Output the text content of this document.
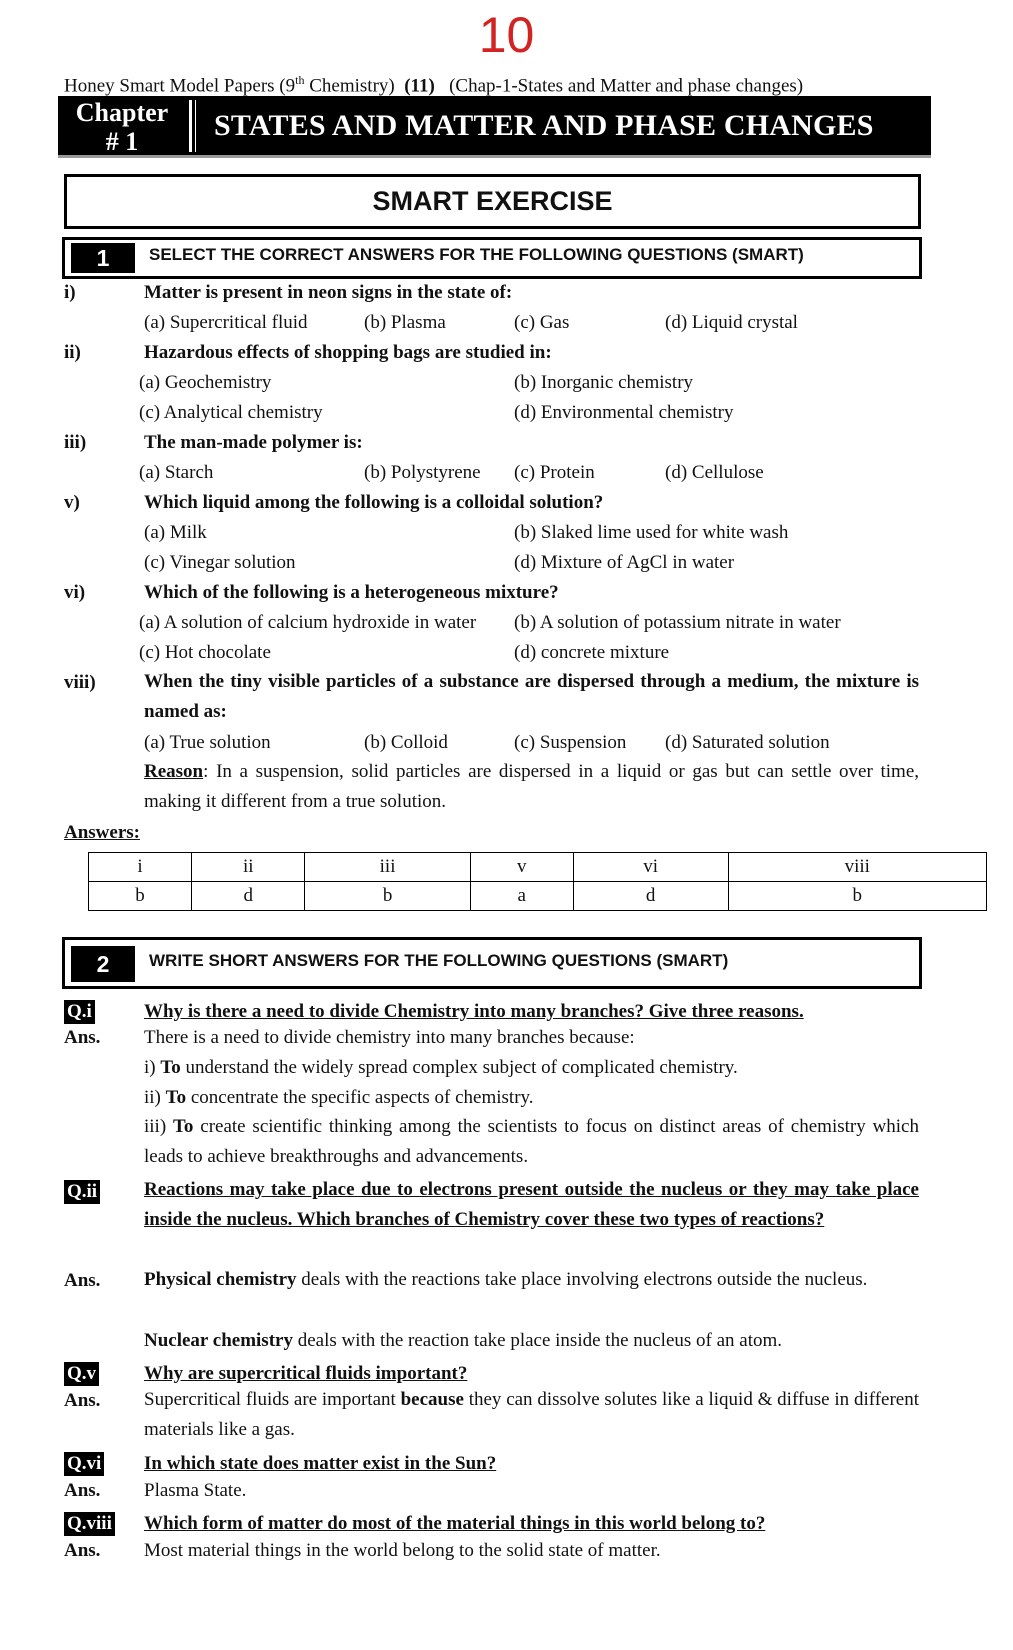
10
Honey Smart Model Papers (9th Chemistry) (11) (Chap-1-States and Matter and phase changes)
Chapter
# 1	STATES AND MATTER AND PHASE CHANGES
SMART EXERCISE
1	SELECT THE CORRECT ANSWERS FOR THE FOLLOWING QUESTIONS (SMART)
i)	Matter is present in neon signs in the state of:
(a) Supercritical fluid	(b) Plasma	(c) Gas	(d) Liquid crystal
ii)	Hazardous effects of shopping bags are studied in:
(a) Geochemistry	(b) Inorganic chemistry
(c) Analytical chemistry	(d) Environmental chemistry
iii)	The man-made polymer is:
(a) Starch	(b) Polystyrene (c) Protein	(d) Cellulose
v)	Which liquid among the following is a colloidal solution?
(a) Milk	(b) Slaked lime used for white wash
(c) Vinegar solution	(d) Mixture of AgCl in water
vi)	Which of the following is a heterogeneous mixture?
(a) A solution of calcium hydroxide in water (b) A solution of potassium nitrate in water
(c) Hot chocolate	(d) concrete mixture
viii)	When the tiny visible particles of a substance are dispersed through a medium, the mixture is named as:
(a) True solution	(b) Colloid	(c) Suspension (d) Saturated solution
Reason: In a suspension, solid particles are dispersed in a liquid or gas but can settle over time, making it different from a true solution.
Answers:
i	ii	iii	v	vi	viii
b	d	b	a	d	b
2	WRITE SHORT ANSWERS FOR THE FOLLOWING QUESTIONS (SMART)
Q.i	Why is there a need to divide Chemistry into many branches? Give three reasons.
Ans. There is a need to divide chemistry into many branches because:
i) To understand the widely spread complex subject of complicated chemistry.
ii) To concentrate the specific aspects of chemistry.
iii) To create scientific thinking among the scientists to focus on distinct areas of chemistry which leads to achieve breakthroughs and advancements.
Q.ii Reactions may take place due to electrons present outside the nucleus or they may take place inside the nucleus. Which branches of Chemistry cover these two types of reactions?
Ans. Physical chemistry deals with the reactions take place involving electrons outside the nucleus.
Nuclear chemistry deals with the reaction take place inside the nucleus of an atom.
Q.v	Why are supercritical fluids important?
Ans. Supercritical fluids are important because they can dissolve solutes like a liquid & diffuse in different materials like a gas.
Q.vi In which state does matter exist in the Sun?
Ans. Plasma State.
Q.viii Which form of matter do most of the material things in this world belong to?
Ans. Most material things in the world belong to the solid state of matter.
